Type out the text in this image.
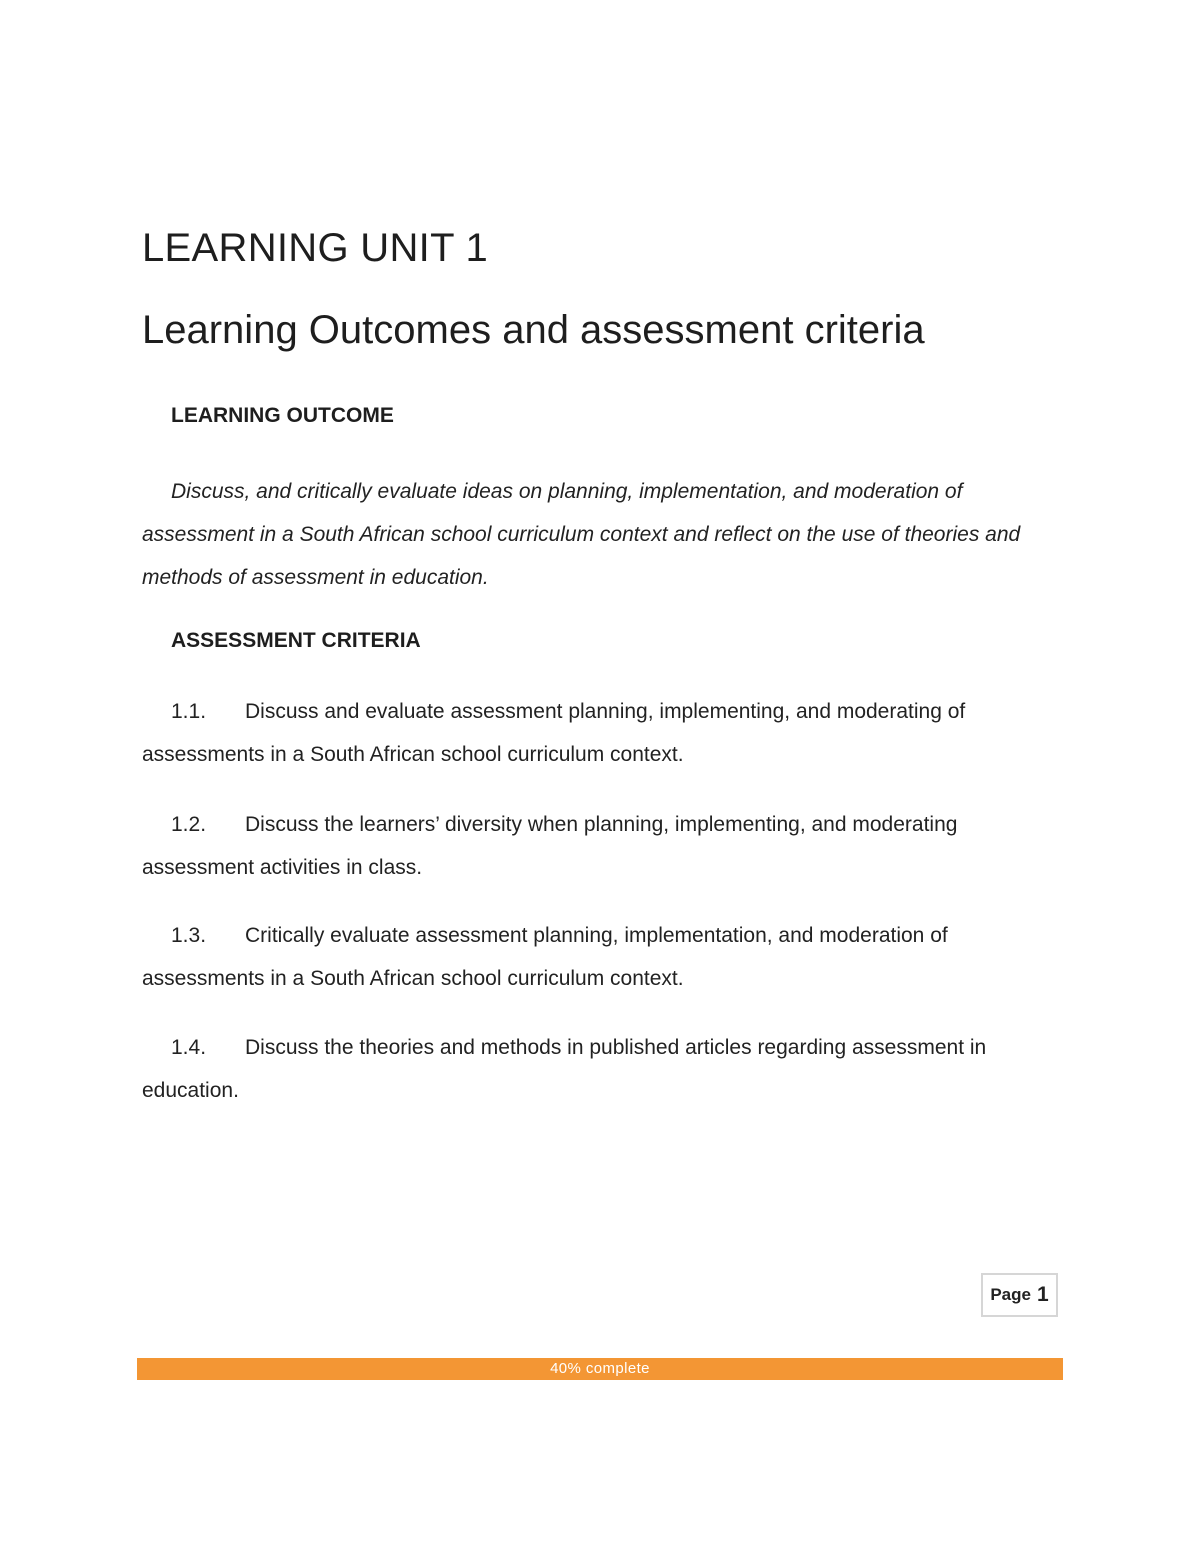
LEARNING UNIT 1
Learning Outcomes and assessment criteria
LEARNING OUTCOME

Discuss, and critically evaluate ideas on planning, implementation, and moderation of assessment in a South African school curriculum context and reflect on the use of theories and methods of assessment in education.

ASSESSMENT CRITERIA

1.1. Discuss and evaluate assessment planning, implementing, and moderating of assessments in a South African school curriculum context.

1.2. Discuss the learners’ diversity when planning, implementing, and moderating assessment activities in class.

1.3. Critically evaluate assessment planning, implementation, and moderation of assessments in a South African school curriculum context.

1.4. Discuss the theories and methods in published articles regarding assessment in education.

Page 1
40% complete
